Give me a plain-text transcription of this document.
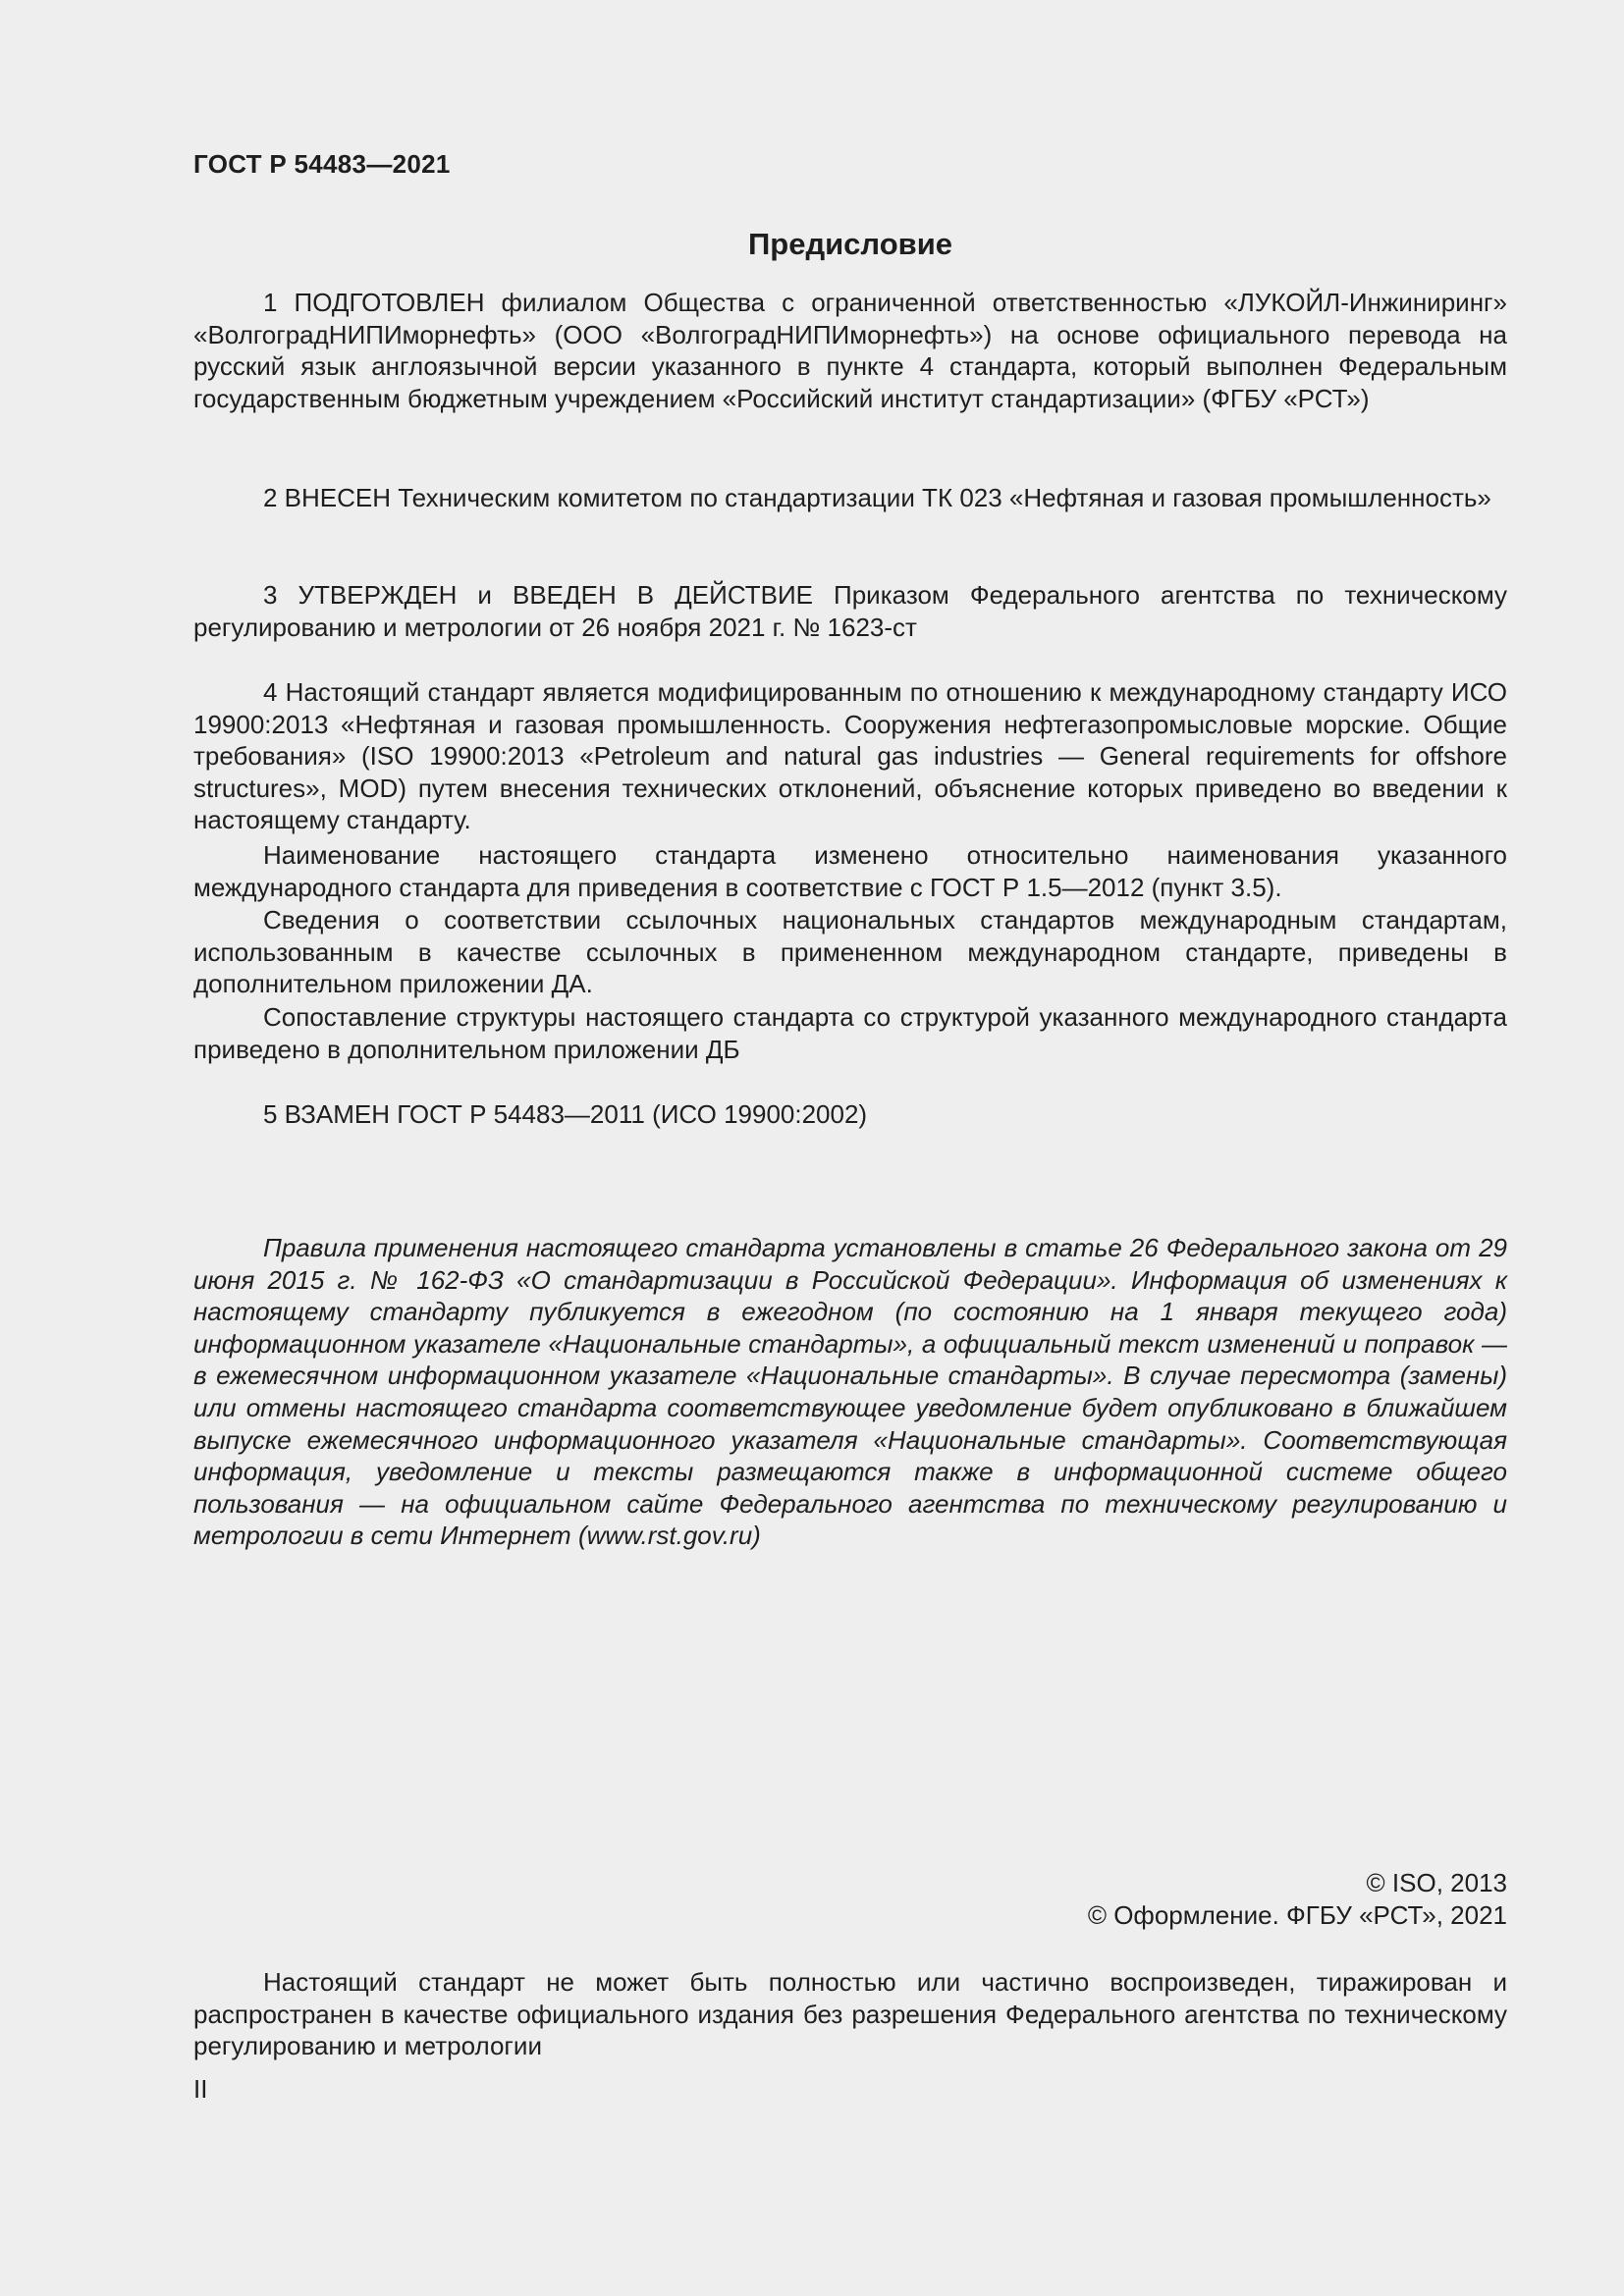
ГОСТ Р 54483—2021
Предисловие

1 ПОДГОТОВЛЕН филиалом Общества с ограниченной ответственностью «ЛУКОЙЛ-Инжиниринг» «ВолгоградНИПИморнефть» (ООО «ВолгоградНИПИморнефть») на основе официального перевода на русский язык англоязычной версии указанного в пункте 4 стандарта, который выполнен Федеральным государственным бюджетным учреждением «Российский институт стандартизации» (ФГБУ «РСТ»)

2 ВНЕСЕН Техническим комитетом по стандартизации ТК 023 «Нефтяная и газовая промышленность»

3 УТВЕРЖДЕН и ВВЕДЕН В ДЕЙСТВИЕ Приказом Федерального агентства по техническому регулированию и метрологии от 26 ноября 2021 г. № 1623-ст

4 Настоящий стандарт является модифицированным по отношению к международному стандарту ИСО 19900:2013 «Нефтяная и газовая промышленность. Сооружения нефтегазопромысловые морские. Общие требования» (ISO 19900:2013 «Petroleum and natural gas industries — General requirements for offshore structures», MOD) путем внесения технических отклонений, объяснение которых приведено во введении к настоящему стандарту.

Наименование настоящего стандарта изменено относительно наименования указанного международного стандарта для приведения в соответствие с ГОСТ Р 1.5—2012 (пункт 3.5).

Сведения о соответствии ссылочных национальных стандартов международным стандартам, использованным в качестве ссылочных в примененном международном стандарте, приведены в дополнительном приложении ДА.

Сопоставление структуры настоящего стандарта со структурой указанного международного стандарта приведено в дополнительном приложении ДБ

5 ВЗАМЕН ГОСТ Р 54483—2011 (ИСО 19900:2002)

Правила применения настоящего стандарта установлены в статье 26 Федерального закона от 29 июня 2015 г. № 162-ФЗ «О стандартизации в Российской Федерации». Информация об изменениях к настоящему стандарту публикуется в ежегодном (по состоянию на 1 января текущего года) информационном указателе «Национальные стандарты», а официальный текст изменений и поправок — в ежемесячном информационном указателе «Национальные стандарты». В случае пересмотра (замены) или отмены настоящего стандарта соответствующее уведомление будет опубликовано в ближайшем выпуске ежемесячного информационного указателя «Национальные стандарты». Соответствующая информация, уведомление и тексты размещаются также в информационной системе общего пользования — на официальном сайте Федерального агентства по техническому регулированию и метрологии в сети Интернет (www.rst.gov.ru)

© ISO, 2013
© Оформление. ФГБУ «РСТ», 2021

Настоящий стандарт не может быть полностью или частично воспроизведен, тиражирован и распространен в качестве официального издания без разрешения Федерального агентства по техническому регулированию и метрологии

II
